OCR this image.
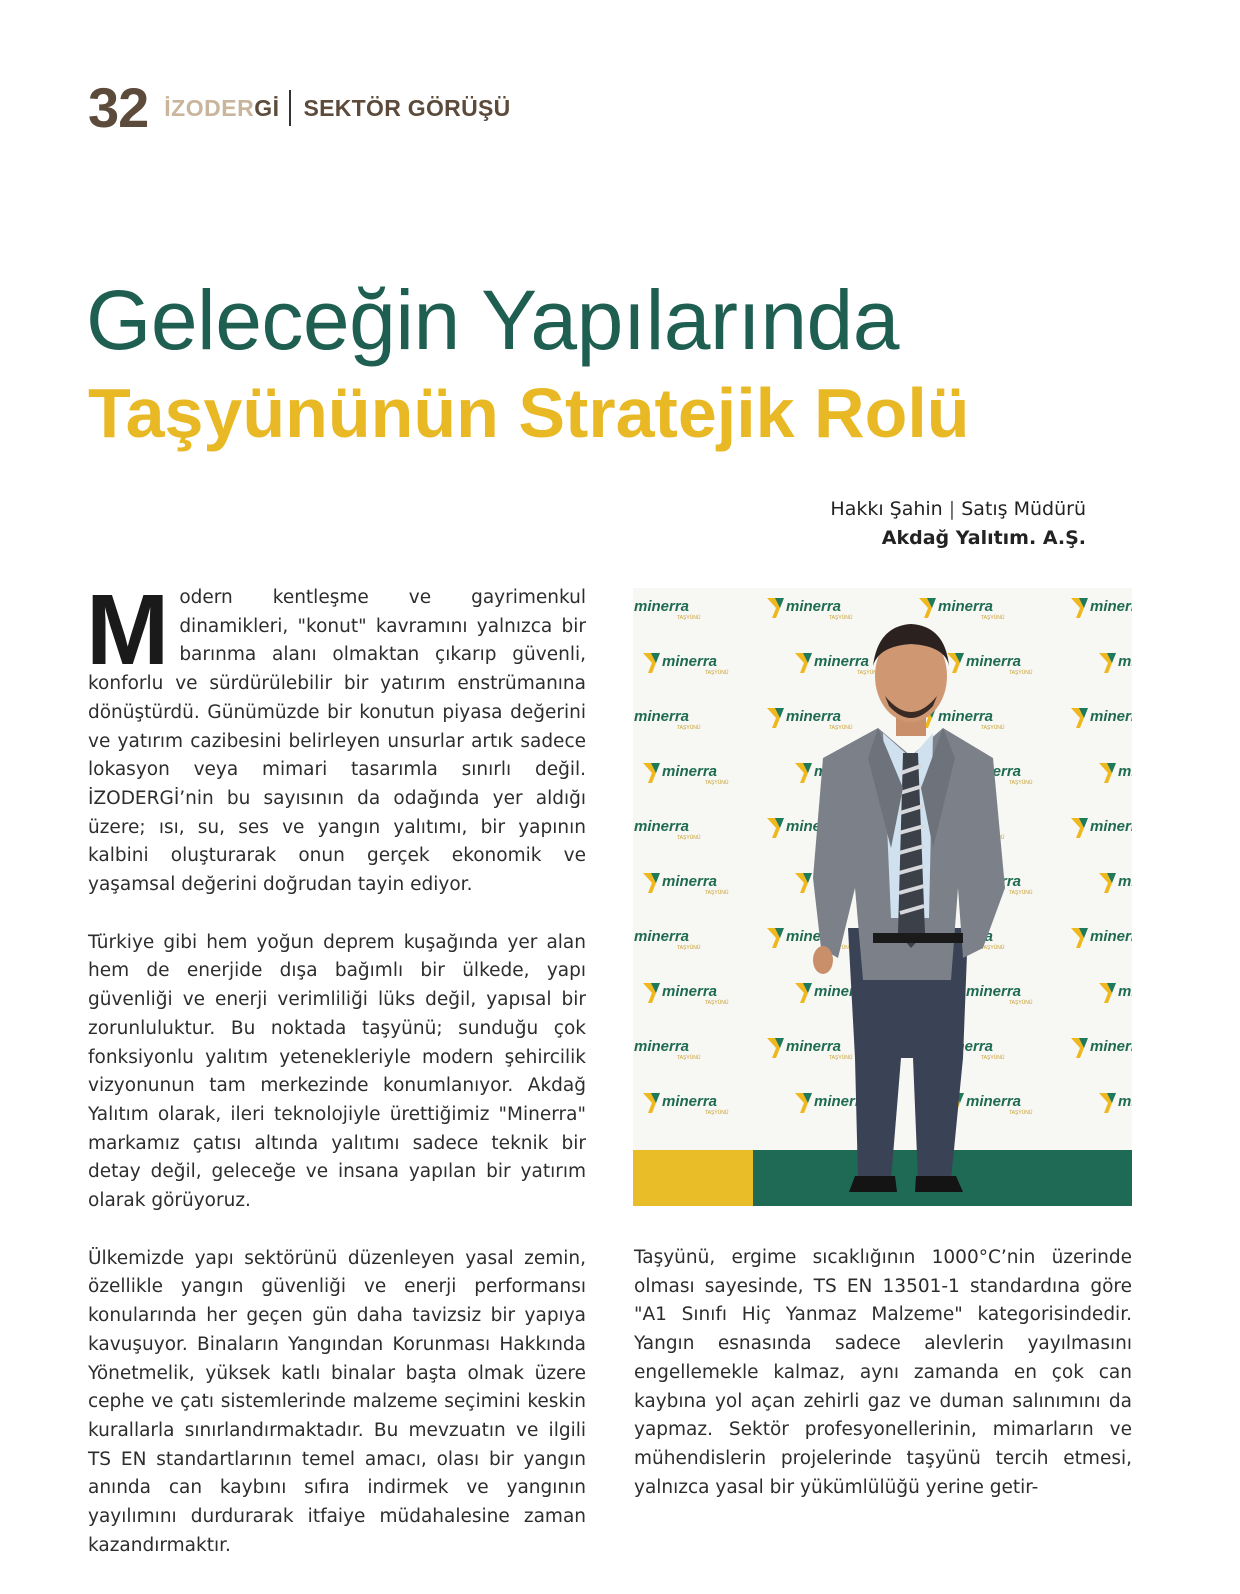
32 İZODERGİ SEKTÖR GÖRÜŞÜ
Geleceğin Yapılarında
Taşyününün Stratejik Rolü
Hakkı Şahin | Satış Müdürü
Akdağ Yalıtım. A.Ş.

Modern kentleşme ve gayrimenkul dinamikleri, "konut" kavramını yalnızca bir barınma alanı olmaktan çıkarıp güvenli, konforlu ve sürdürülebilir bir yatırım enstrümanına dönüştürdü. Günümüzde bir konutun piyasa değerini ve yatırım cazibesini belirleyen unsurlar artık sadece lokasyon veya mimari tasarımla sınırlı değil. İZODERGİ’nin bu sayısının da odağında yer aldığı üzere; ısı, su, ses ve yangın yalıtımı, bir yapının kalbini oluşturarak onun gerçek ekonomik ve yaşamsal değerini doğrudan tayin ediyor.

Türkiye gibi hem yoğun deprem kuşağında yer alan hem de enerjide dışa bağımlı bir ülkede, yapı güvenliği ve enerji verimliliği lüks değil, yapısal bir zorunluluktur. Bu noktada taşyünü; sunduğu çok fonksiyonlu yalıtım yetenekleriyle modern şehircilik vizyonunun tam merkezinde konumlanıyor. Akdağ Yalıtım olarak, ileri teknolojiyle ürettiğimiz "Minerra" markamız çatısı altında yalıtımı sadece teknik bir detay değil, geleceğe ve insana yapılan bir yatırım olarak görüyoruz.

Ülkemizde yapı sektörünü düzenleyen yasal zemin, özellikle yangın güvenliği ve enerji performansı konularında her geçen gün daha tavizsiz bir yapıya kavuşuyor. Binaların Yangından Korunması Hakkında Yönetmelik, yüksek katlı binalar başta olmak üzere cephe ve çatı sistemlerinde malzeme seçimini keskin kurallarla sınırlandırmaktadır. Bu mevzuatın ve ilgili TS EN standartlarının temel amacı, olası bir yangın anında can kaybını sıfıra indirmek ve yangının yayılımını durdurarak itfaiye müdahalesine zaman kazandırmaktır.

Taşyünü, ergime sıcaklığının 1000°C’nin üzerinde olması sayesinde, TS EN 13501-1 standardına göre "A1 Sınıfı Hiç Yanmaz Malzeme" kategorisindedir. Yangın esnasında sadece alevlerin yayılmasını engellemekle kalmaz, aynı zamanda en çok can kaybına yol açan zehirli gaz ve duman salınımını da yapmaz. Sektör profesyonellerinin, mimarların ve mühendislerin projelerinde taşyünü tercih etmesi, yalnızca yasal bir yükümlülüğü yerine getir-
